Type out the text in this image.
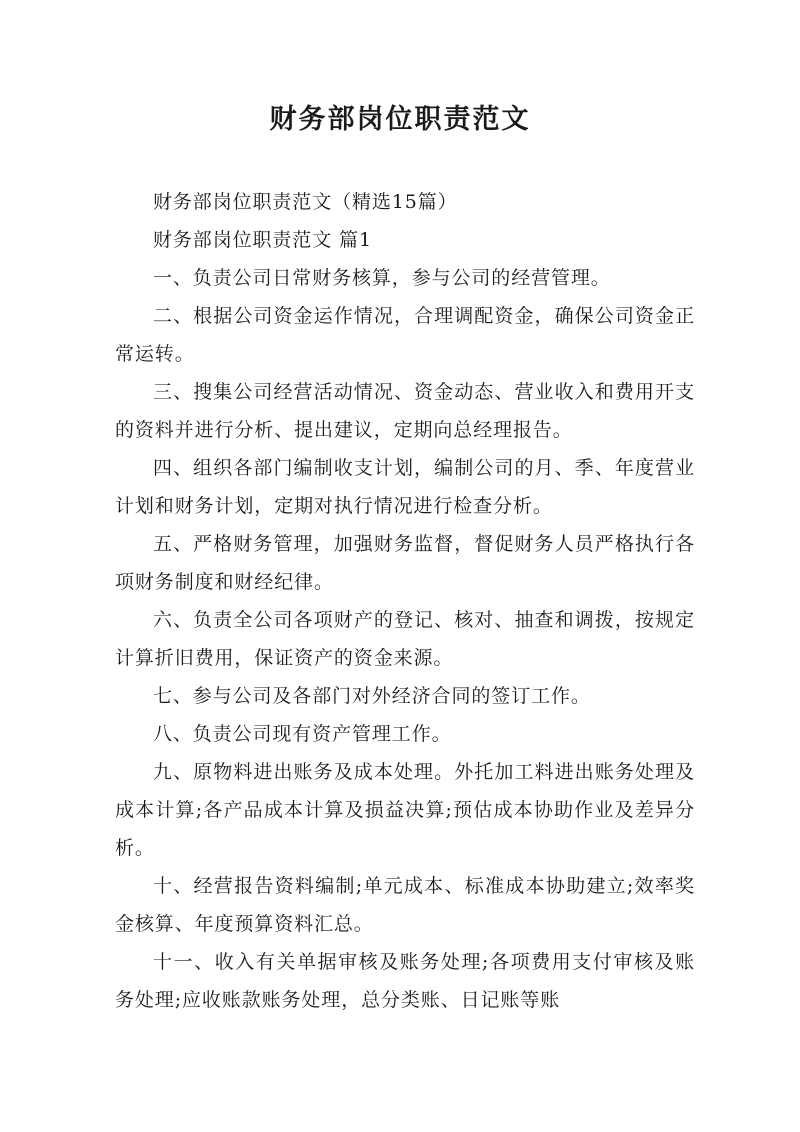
财务部岗位职责范文

财务部岗位职责范文（精选15篇）

财务部岗位职责范文 篇1

一、负责公司日常财务核算，参与公司的经营管理。

二、根据公司资金运作情况，合理调配资金，确保公司资金正常运转。

三、搜集公司经营活动情况、资金动态、营业收入和费用开支的资料并进行分析、提出建议，定期向总经理报告。

四、组织各部门编制收支计划，编制公司的月、季、年度营业计划和财务计划，定期对执行情况进行检查分析。

五、严格财务管理，加强财务监督，督促财务人员严格执行各项财务制度和财经纪律。

六、负责全公司各项财产的登记、核对、抽查和调拨，按规定计算折旧费用，保证资产的资金来源。

七、参与公司及各部门对外经济合同的签订工作。

八、负责公司现有资产管理工作。

九、原物料进出账务及成本处理。外托加工料进出账务处理及成本计算;各产品成本计算及损益决算;预估成本协助作业及差异分析。

十、经营报告资料编制;单元成本、标准成本协助建立;效率奖金核算、年度预算资料汇总。

十一、收入有关单据审核及账务处理;各项费用支付审核及账务处理;应收账款账务处理，总分类账、日记账等账
